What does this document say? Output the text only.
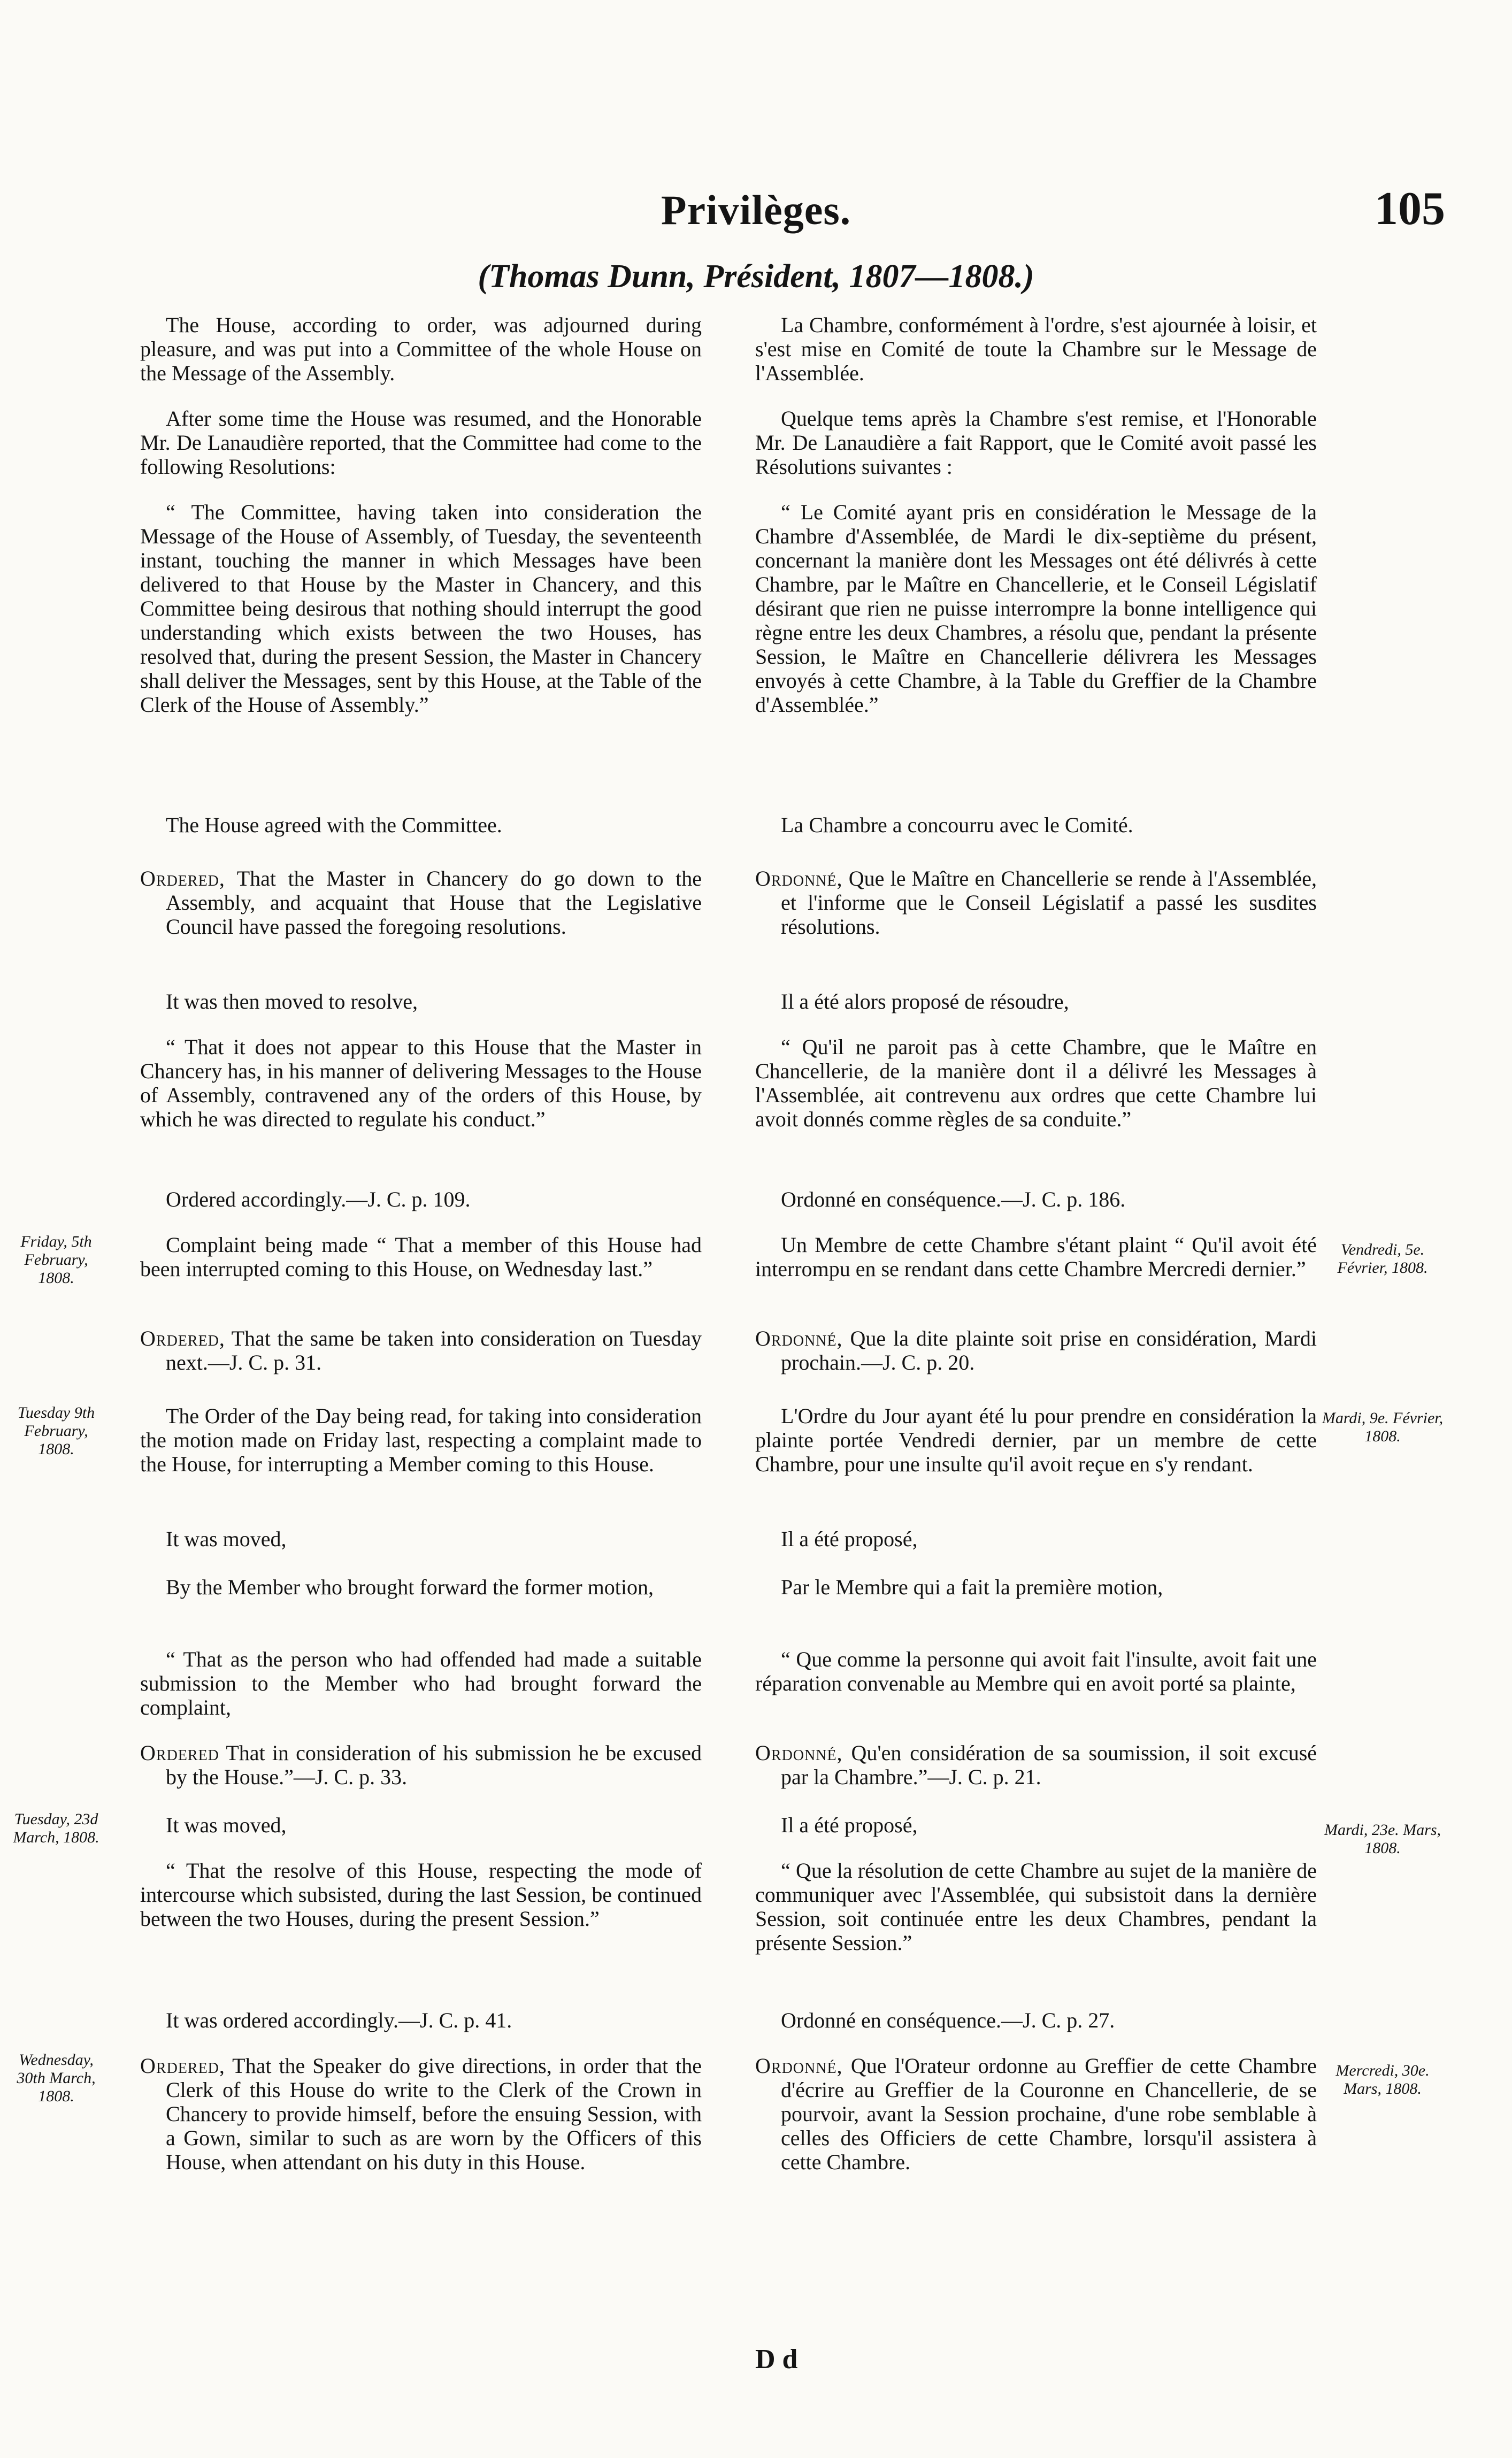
Privilèges.	105
(Thomas Dunn, Président, 1807—1808.)

The House, according to order, was adjourned during pleasure, and was put into a Committee of the whole House on the Message of the Assembly.

La Chambre, conformément à l'ordre, s'est ajournée à loisir, et s'est mise en Comité de toute la Chambre sur le Message de l'Assemblée.

After some time the House was resumed, and the Honorable Mr. De Lanaudière reported, that the Committee had come to the following Resolutions:

Quelque tems après la Chambre s'est remise, et l'Honorable Mr. De Lanaudière a fait Rapport, que le Comité avoit passé les Résolutions suivantes :

“ The Committee, having taken into consideration the Message of the House of Assembly, of Tuesday, the seventeenth instant, touching the manner in which Messages have been delivered to that House by the Master in Chancery, and this Committee being desirous that nothing should interrupt the good understanding which exists between the two Houses, has resolved that, during the present Session, the Master in Chancery shall deliver the Messages, sent by this House, at the Table of the Clerk of the House of Assembly.”

“ Le Comité ayant pris en considération le Message de la Chambre d'Assemblée, de Mardi le dix-septième du présent, concernant la manière dont les Messages ont été délivrés à cette Chambre, par le Maître en Chancellerie, et le Conseil Législatif désirant que rien ne puisse interrompre la bonne intelligence qui règne entre les deux Chambres, a résolu que, pendant la présente Session, le Maître en Chancellerie délivrera les Messages envoyés à cette Chambre, à la Table du Greffier de la Chambre d'Assemblée.”

The House agreed with the Committee.	La Chambre a concourru avec le Comité.

Ordered, That the Master in Chancery do go down to the Assembly, and acquaint that House that the Legislative Council have passed the foregoing resolutions.

Ordonné, Que le Maître en Chancellerie se rende à l'Assemblée, et l'informe que le Conseil Législatif a passé les susdites résolutions.

It was then moved to resolve,	Il a été alors proposé de résoudre,

“ That it does not appear to this House that the Master in Chancery has, in his manner of delivering Messages to the House of Assembly, contravened any of the orders of this House, by which he was directed to regulate his conduct.”

“ Qu'il ne paroit pas à cette Chambre, que le Maître en Chancellerie, de la manière dont il a délivré les Messages à l'Assemblée, ait contrevenu aux ordres que cette Chambre lui avoit donnés comme règles de sa conduite.”

Ordered accordingly.—J. C. p. 109.	Ordonné en conséquence.—J. C. p. 186.

Friday, 5th February, 1808.
Vendredi, 5e. Février, 1808.

Complaint being made “ That a member of this House had been interrupted coming to this House, on Wednesday last.”

Un Membre de cette Chambre s'étant plaint “ Qu'il avoit été interrompu en se rendant dans cette Chambre Mercredi dernier.”

Ordered, That the same be taken into consideration on Tuesday next.—J. C. p. 31.

Ordonné, Que la dite plainte soit prise en considération, Mardi prochain.—J. C. p. 20.

Tuesday 9th February, 1808.
Mardi, 9e. Février, 1808.

The Order of the Day being read, for taking into consideration the motion made on Friday last, respecting a complaint made to the House, for interrupting a Member coming to this House.

L'Ordre du Jour ayant été lu pour prendre en considération la plainte portée Vendredi dernier, par un membre de cette Chambre, pour une insulte qu'il avoit reçue en s'y rendant.

It was moved,	Il a été proposé,

By the Member who brought forward the former motion,	Par le Membre qui a fait la première motion,

“ That as the person who had offended had made a suitable submission to the Member who had brought forward the complaint,

“ Que comme la personne qui avoit fait l'insulte, avoit fait une réparation convenable au Membre qui en avoit porté sa plainte,

Ordered That in consideration of his submission he be excused by the House.”—J. C. p. 33.

Ordonné, Qu'en considération de sa soumission, il soit excusé par la Chambre.”—J. C. p. 21.

Tuesday, 23d March, 1808.	Mardi, 23e. Mars, 1808.

It was moved,	Il a été proposé,

“ That the resolve of this House, respecting the mode of intercourse which subsisted, during the last Session, be continued between the two Houses, during the present Session.”

“ Que la résolution de cette Chambre au sujet de la manière de communiquer avec l'Assemblée, qui subsistoit dans la dernière Session, soit continuée entre les deux Chambres, pendant la présente Session.”

It was ordered accordingly.—J. C. p. 41.	Ordonné en conséquence.—J. C. p. 27.

Wednesday, 30th March, 1808.
Mercredi, 30e. Mars, 1808.

Ordered, That the Speaker do give directions, in order that the Clerk of this House do write to the Clerk of the Crown in Chancery to provide himself, before the ensuing Session, with a Gown, similar to such as are worn by the Officers of this House, when attendant on his duty in this House.

Ordonné, Que l'Orateur ordonne au Greffier de cette Chambre d'écrire au Greffier de la Couronne en Chancellerie, de se pourvoir, avant la Session prochaine, d'une robe semblable à celles des Officiers de cette Chambre, lorsqu'il assistera à cette Chambre.

D d
